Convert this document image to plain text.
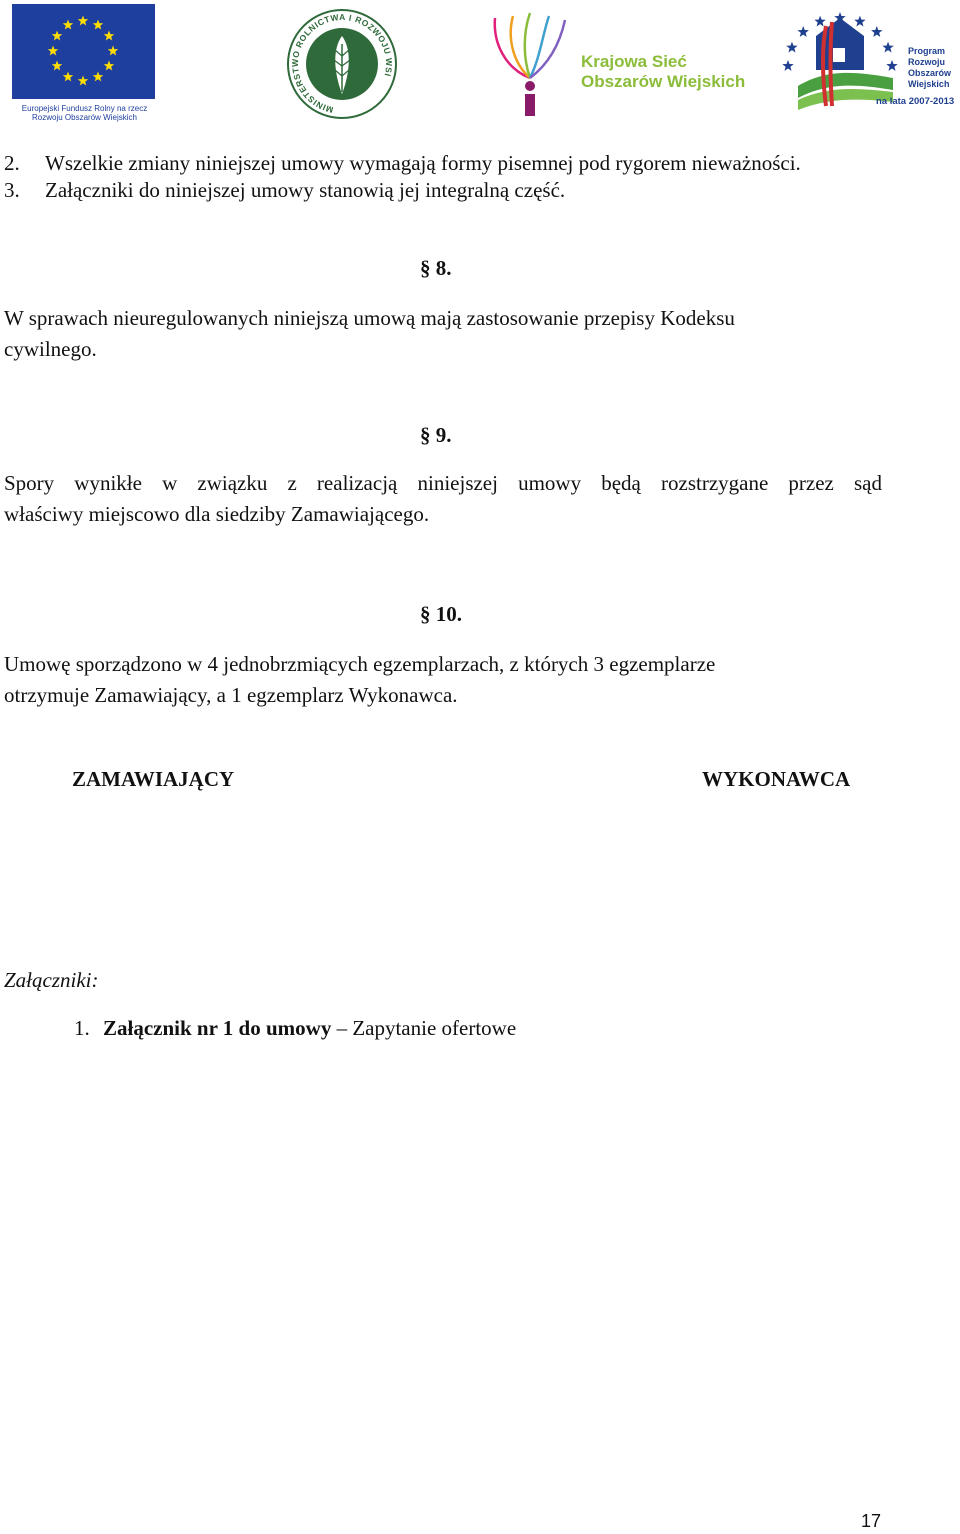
Europejski Fundusz Rolny na rzecz
Rozwoju Obszarów Wiejskich
MINISTERSTWO ROLNICTWA I ROZWOJU WSI
Krajowa Sieć
Obszarów Wiejskich
Program
Rozwoju
Obszarów
Wiejskich
na lata 2007-2013
2. Wszelkie zmiany niniejszej umowy wymagają formy pisemnej pod rygorem nieważności.
3. Załączniki do niniejszej umowy stanowią jej integralną część.
§ 8.
W sprawach nieuregulowanych niniejszą umową mają zastosowanie przepisy Kodeksu
cywilnego.
§ 9.
Spory wynikłe w związku z realizacją niniejszej umowy będą rozstrzygane przez sąd
właściwy miejscowo dla siedziby Zamawiającego.
§ 10.
Umowę sporządzono w 4 jednobrzmiących egzemplarzach, z których 3 egzemplarze
otrzymuje Zamawiający, a 1 egzemplarz Wykonawca.
ZAMAWIAJĄCY	WYKONAWCA
Załączniki:
1. Załącznik nr 1 do umowy – Zapytanie ofertowe
17
